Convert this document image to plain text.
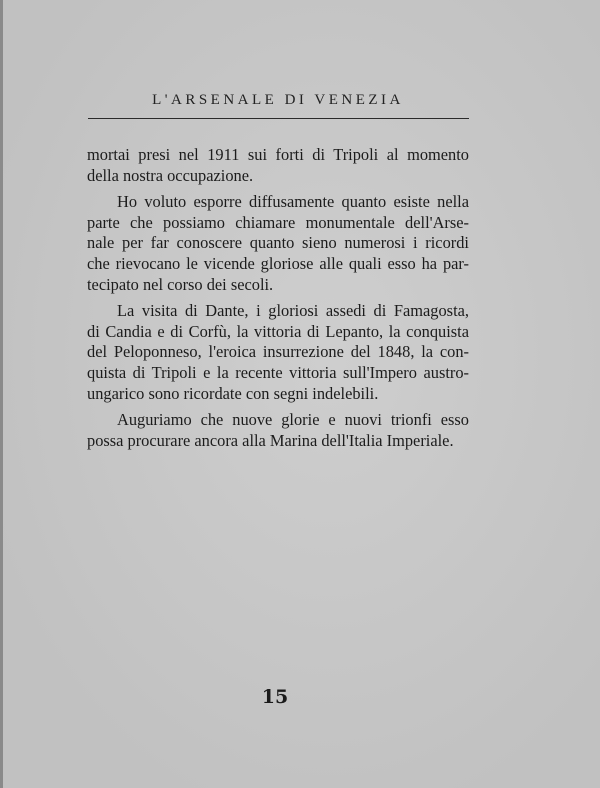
L'ARSENALE DI VENEZIA
mortai presi nel 1911 sui forti di Tripoli al momento
della nostra occupazione.
Ho voluto esporre diffusamente quanto esiste nella
parte che possiamo chiamare monumentale dell'Arse-
nale per far conoscere quanto sieno numerosi i ricordi
che rievocano le vicende gloriose alle quali esso ha par-
tecipato nel corso dei secoli.
La visita di Dante, i gloriosi assedi di Famagosta,
di Candia e di Corfù, la vittoria di Lepanto, la conquista
del Peloponneso, l'eroica insurrezione del 1848, la con-
quista di Tripoli e la recente vittoria sull'Impero austro-
ungarico sono ricordate con segni indelebili.
Auguriamo che nuove glorie e nuovi trionfi esso
possa procurare ancora alla Marina dell'Italia Imperiale.
15
